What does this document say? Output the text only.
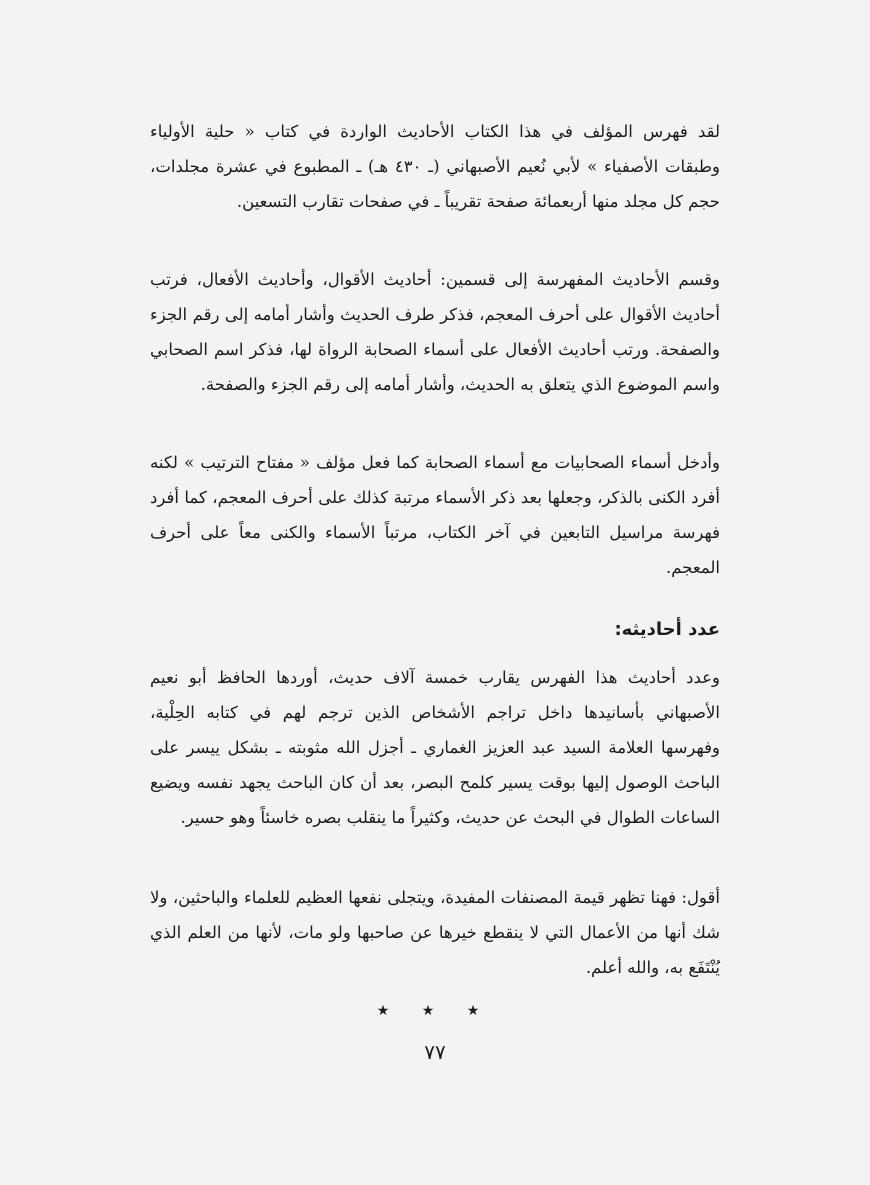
لقد فهرس المؤلف في هذا الكتاب الأحاديث الواردة في كتاب « حلية الأولياء وطبقات الأصفياء » لأبي نُعيم الأصبهاني (ـ ٤٣٠ هـ) ـ المطبوع في عشرة مجلدات، حجم كل مجلد منها أربعمائة صفحة تقريباً ـ في صفحات تقارب التسعين.

وقسم الأحاديث المفهرسة إلى قسمين: أحاديث الأقوال، وأحاديث الأفعال، فرتب أحاديث الأقوال على أحرف المعجم، فذكر طرف الحديث وأشار أمامه إلى رقم الجزء والصفحة. ورتب أحاديث الأفعال على أسماء الصحابة الرواة لها، فذكر اسم الصحابي واسم الموضوع الذي يتعلق به الحديث، وأشار أمامه إلى رقم الجزء والصفحة.

وأدخل أسماء الصحابيات مع أسماء الصحابة كما فعل مؤلف « مفتاح الترتيب » لكنه أفرد الكنى بالذكر، وجعلها بعد ذكر الأسماء مرتبة كذلك على أحرف المعجم، كما أفرد فهرسة مراسيل التابعين في آخر الكتاب، مرتباً الأسماء والكنى معاً على أحرف المعجم.

عدد أحاديثه:

وعدد أحاديث هذا الفهرس يقارب خمسة آلاف حديث، أوردها الحافظ أبو نعيم الأصبهاني بأسانيدها داخل تراجم الأشخاص الذين ترجم لهم في كتابه الحِلْية، وفهرسها العلامة السيد عبد العزيز الغماري ـ أجزل الله مثوبته ـ بشكل ييسر على الباحث الوصول إليها بوقت يسير كلمح البصر، بعد أن كان الباحث يجهد نفسه ويضيع الساعات الطوال في البحث عن حديث، وكثيراً ما ينقلب بصره خاسئاً وهو حسير.

أقول: فهنا تظهر قيمة المصنفات المفيدة، ويتجلى نفعها العظيم للعلماء والباحثين، ولا شك أنها من الأعمال التي لا ينقطع خيرها عن صاحبها ولو مات، لأنها من العلم الذي يُنْتَفَع به، والله أعلم.

★ ★ ★
٧٧
